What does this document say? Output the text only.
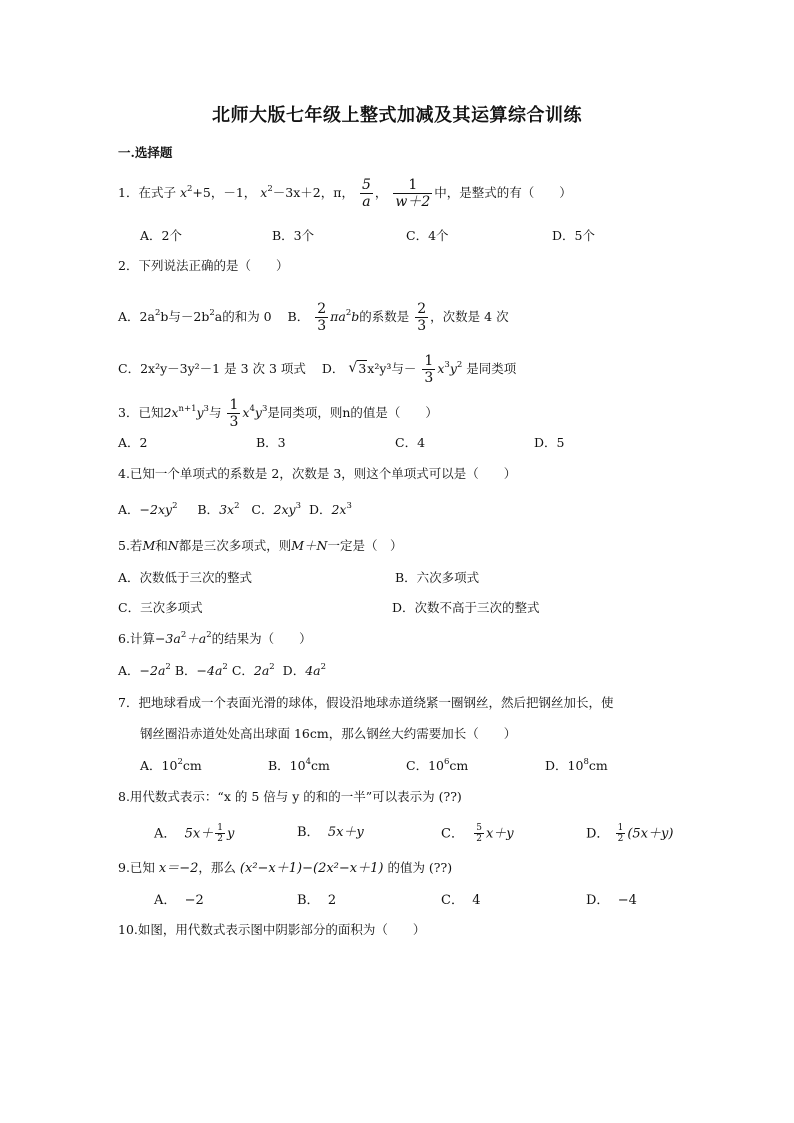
北师大版七年级上整式加减及其运算综合训练
一.选择题
1．在式子 $x^2+5$，－1， $x^2-3x+2$，π， $\frac{5}{a}$ ， $\frac{1}{w+2}$ 中，是整式的有（　　）
A．2个	B．3个	C．4个	D．5个
2．下列说法正确的是（　　）
A．$2a^2b$与$-2b^2a$的和为 0 B． $\frac{2}{3} \pi a^2b$的系数是 $\frac{2}{3}$ ，次数是 4 次
C．2x²y－3y²－1 是 3 次 3 项式 D． √ 3x²y³与－ $\frac{1}{3} x^3y^2$ 是同类项
3．已知$2x^{n+1}y^3$与 $\frac{1}{3} x^4y^3$是同类项，则n的值是（　　）
A．2	B．3	C．4	D．5
4.已知一个单项式的系数是 2，次数是 3，则这个单项式可以是（　　）
A．$-2xy^2$ B．$3x^2$ C．$2xy^3$ D．$2x^3$
5.若M和N都是三次多项式，则M＋N一定是（　）
A．次数低于三次的整式	B．六次多项式
C．三次多项式	D．次数不高于三次的整式
6.计算$-3a^2+a^2$的结果为（　　）
A．$-2a^2$ B．$-4a^2$ C．$2a^2$ D．$4a^2$
7．把地球看成一个表面光滑的球体，假设沿地球赤道绕紧一圈钢丝，然后把钢丝加长，使
钢丝圈沿赤道处处高出球面 16cm，那么钢丝大约需要加长（　　）
A．$10^2cm$	B．$10^4cm$	C．$10^6cm$	D．$10^8cm$
8.用代数式表示：“x 的 5 倍与 y 的和的一半”可以表示为 (??)
A． $5x+ \frac{1}{2}$ y	B． 5x＋y	C． $\frac{5}{2} x+y$	D． $\frac{1}{2} (5x+y)$
9.已知 x＝−2，那么 (x²−x＋1)−(2x²−x＋1) 的值为 (??)
A． −2	B． 2	C． 4	D． −4
10.如图，用代数式表示图中阴影部分的面积为（　　）
